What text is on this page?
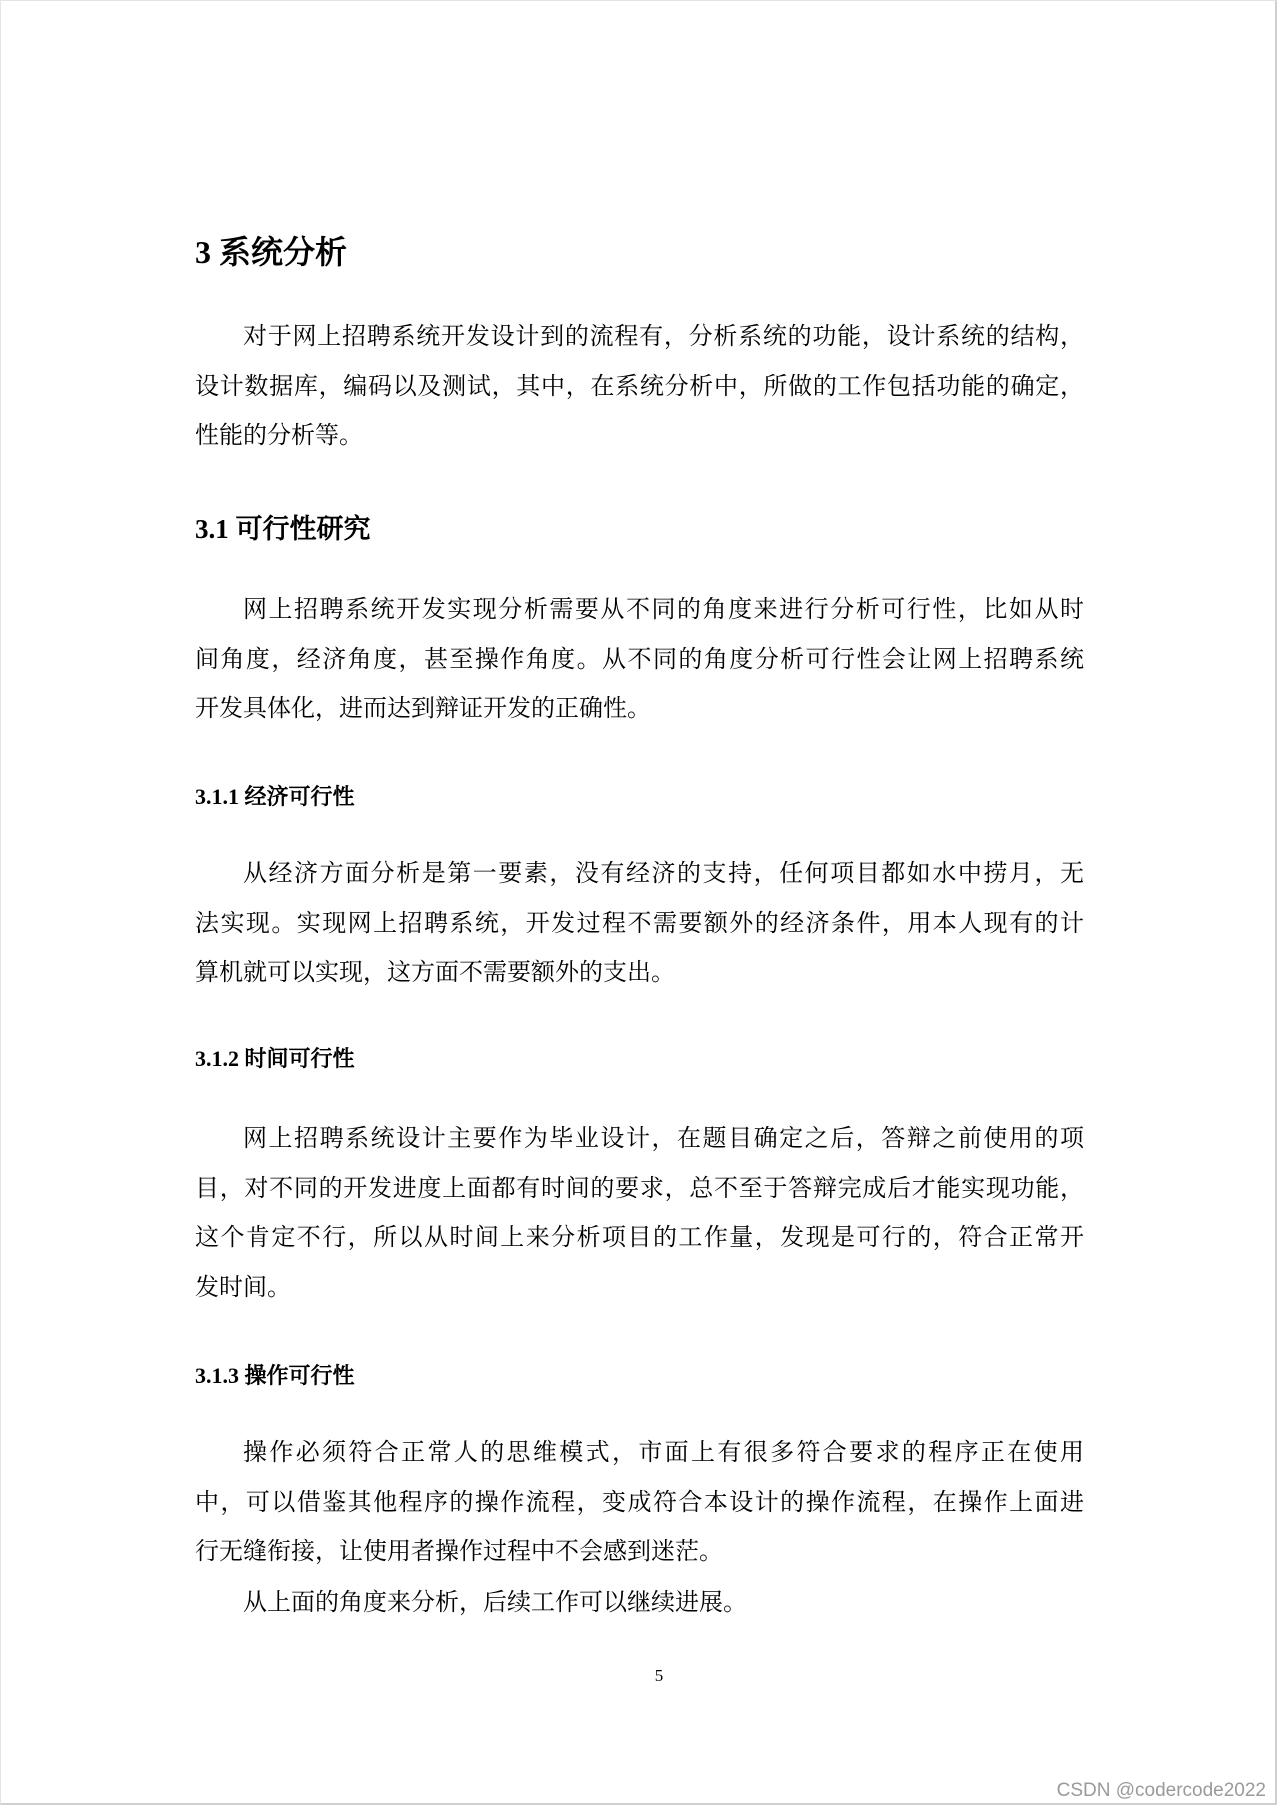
3 系统分析
对于网上招聘系统开发设计到的流程有，分析系统的功能，设计系统的结构，
设计数据库，编码以及测试，其中，在系统分析中，所做的工作包括功能的确定，
性能的分析等。
3.1 可行性研究
网上招聘系统开发实现分析需要从不同的角度来进行分析可行性，比如从时
间角度，经济角度，甚至操作角度。从不同的角度分析可行性会让网上招聘系统
开发具体化，进而达到辩证开发的正确性。
3.1.1 经济可行性
从经济方面分析是第一要素，没有经济的支持，任何项目都如水中捞月，无
法实现。实现网上招聘系统，开发过程不需要额外的经济条件，用本人现有的计
算机就可以实现，这方面不需要额外的支出。
3.1.2 时间可行性
网上招聘系统设计主要作为毕业设计，在题目确定之后，答辩之前使用的项
目，对不同的开发进度上面都有时间的要求，总不至于答辩完成后才能实现功能，
这个肯定不行，所以从时间上来分析项目的工作量，发现是可行的，符合正常开
发时间。
3.1.3 操作可行性
操作必须符合正常人的思维模式，市面上有很多符合要求的程序正在使用
中，可以借鉴其他程序的操作流程，变成符合本设计的操作流程，在操作上面进
行无缝衔接，让使用者操作过程中不会感到迷茫。
从上面的角度来分析，后续工作可以继续进展。
5
CSDN @codercode2022
